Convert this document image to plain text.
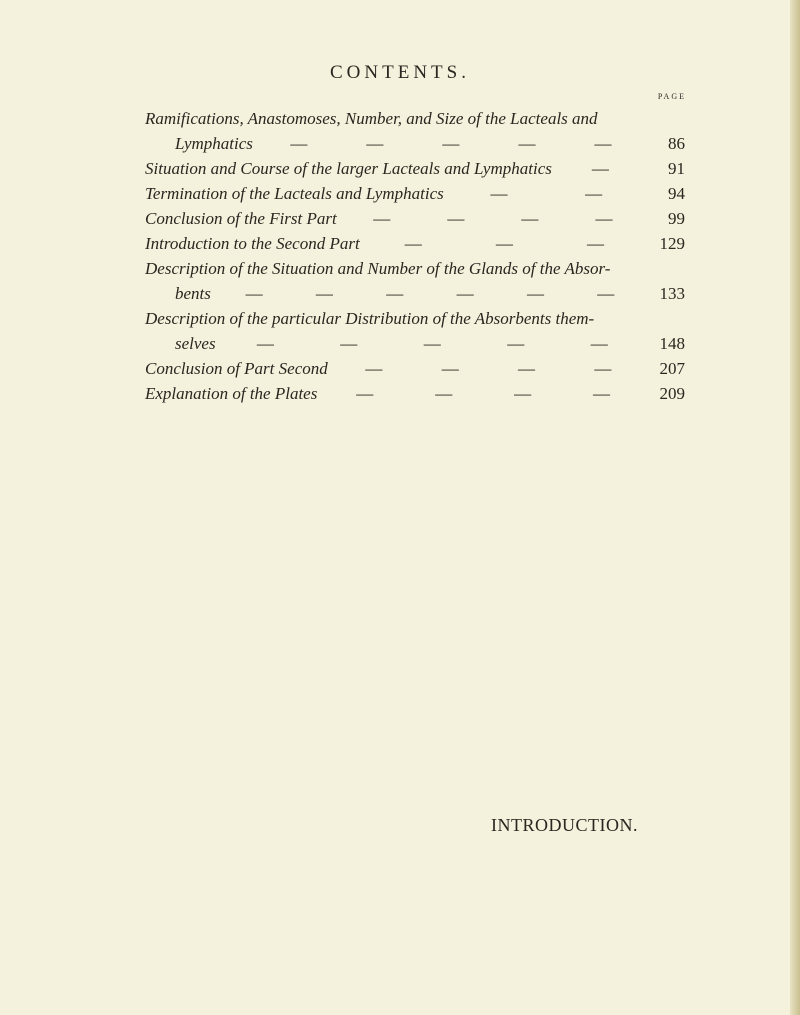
CONTENTS.
PAGE
Ramifications, Anastomoses, Number, and Size of the Lacteals and
Lymphatics —	—	—	—	—	86
Situation and Course of the larger Lacteals and Lymphatics —	91
Termination of the Lacteals and Lymphatics	—	—	94
Conclusion of the First Part —	—	—	—	99
Introduction to the Second Part	—	—	—	129
Description of the Situation and Number of the Glands of the Absor-
bents —	—	—	—	—	—	133
Description of the particular Distribution of the Absorbents them-
selves —	—	—	—	—	148
Conclusion of Part Second —	—	—	—	207
Explanation of the Plates —	—	—	—	209
INTRODUCTION.
